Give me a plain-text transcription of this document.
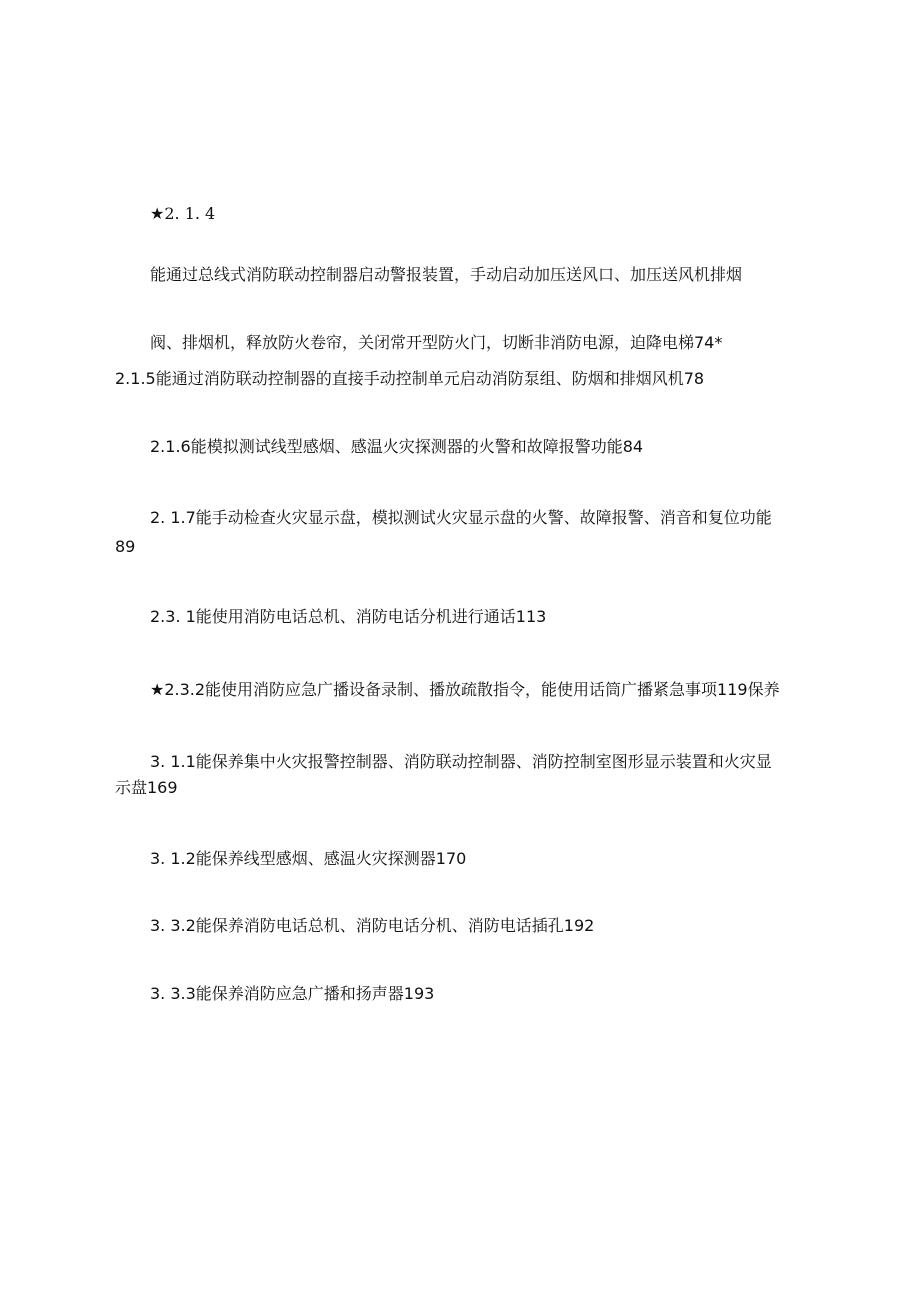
★2. 1. 4
能通过总线式消防联动控制器启动警报装置，手动启动加压送风口、加压送风机排烟
阀、排烟机，释放防火卷帘，关闭常开型防火门，切断非消防电源，迫降电梯74*
2.1.5能通过消防联动控制器的直接手动控制单元启动消防泵组、防烟和排烟风机78
2.1.6能模拟测试线型感烟、感温火灾探测器的火警和故障报警功能84
2. 1.7能手动检查火灾显示盘，模拟测试火灾显示盘的火警、故障报警、消音和复位功能
89
2.3. 1能使用消防电话总机、消防电话分机进行通话113
★2.3.2能使用消防应急广播设备录制、播放疏散指令，能使用话筒广播紧急事项119保养
3. 1.1能保养集中火灾报警控制器、消防联动控制器、消防控制室图形显示装置和火灾显
示盘169
3. 1.2能保养线型感烟、感温火灾探测器170
3. 3.2能保养消防电话总机、消防电话分机、消防电话插孔192
3. 3.3能保养消防应急广播和扬声器193
